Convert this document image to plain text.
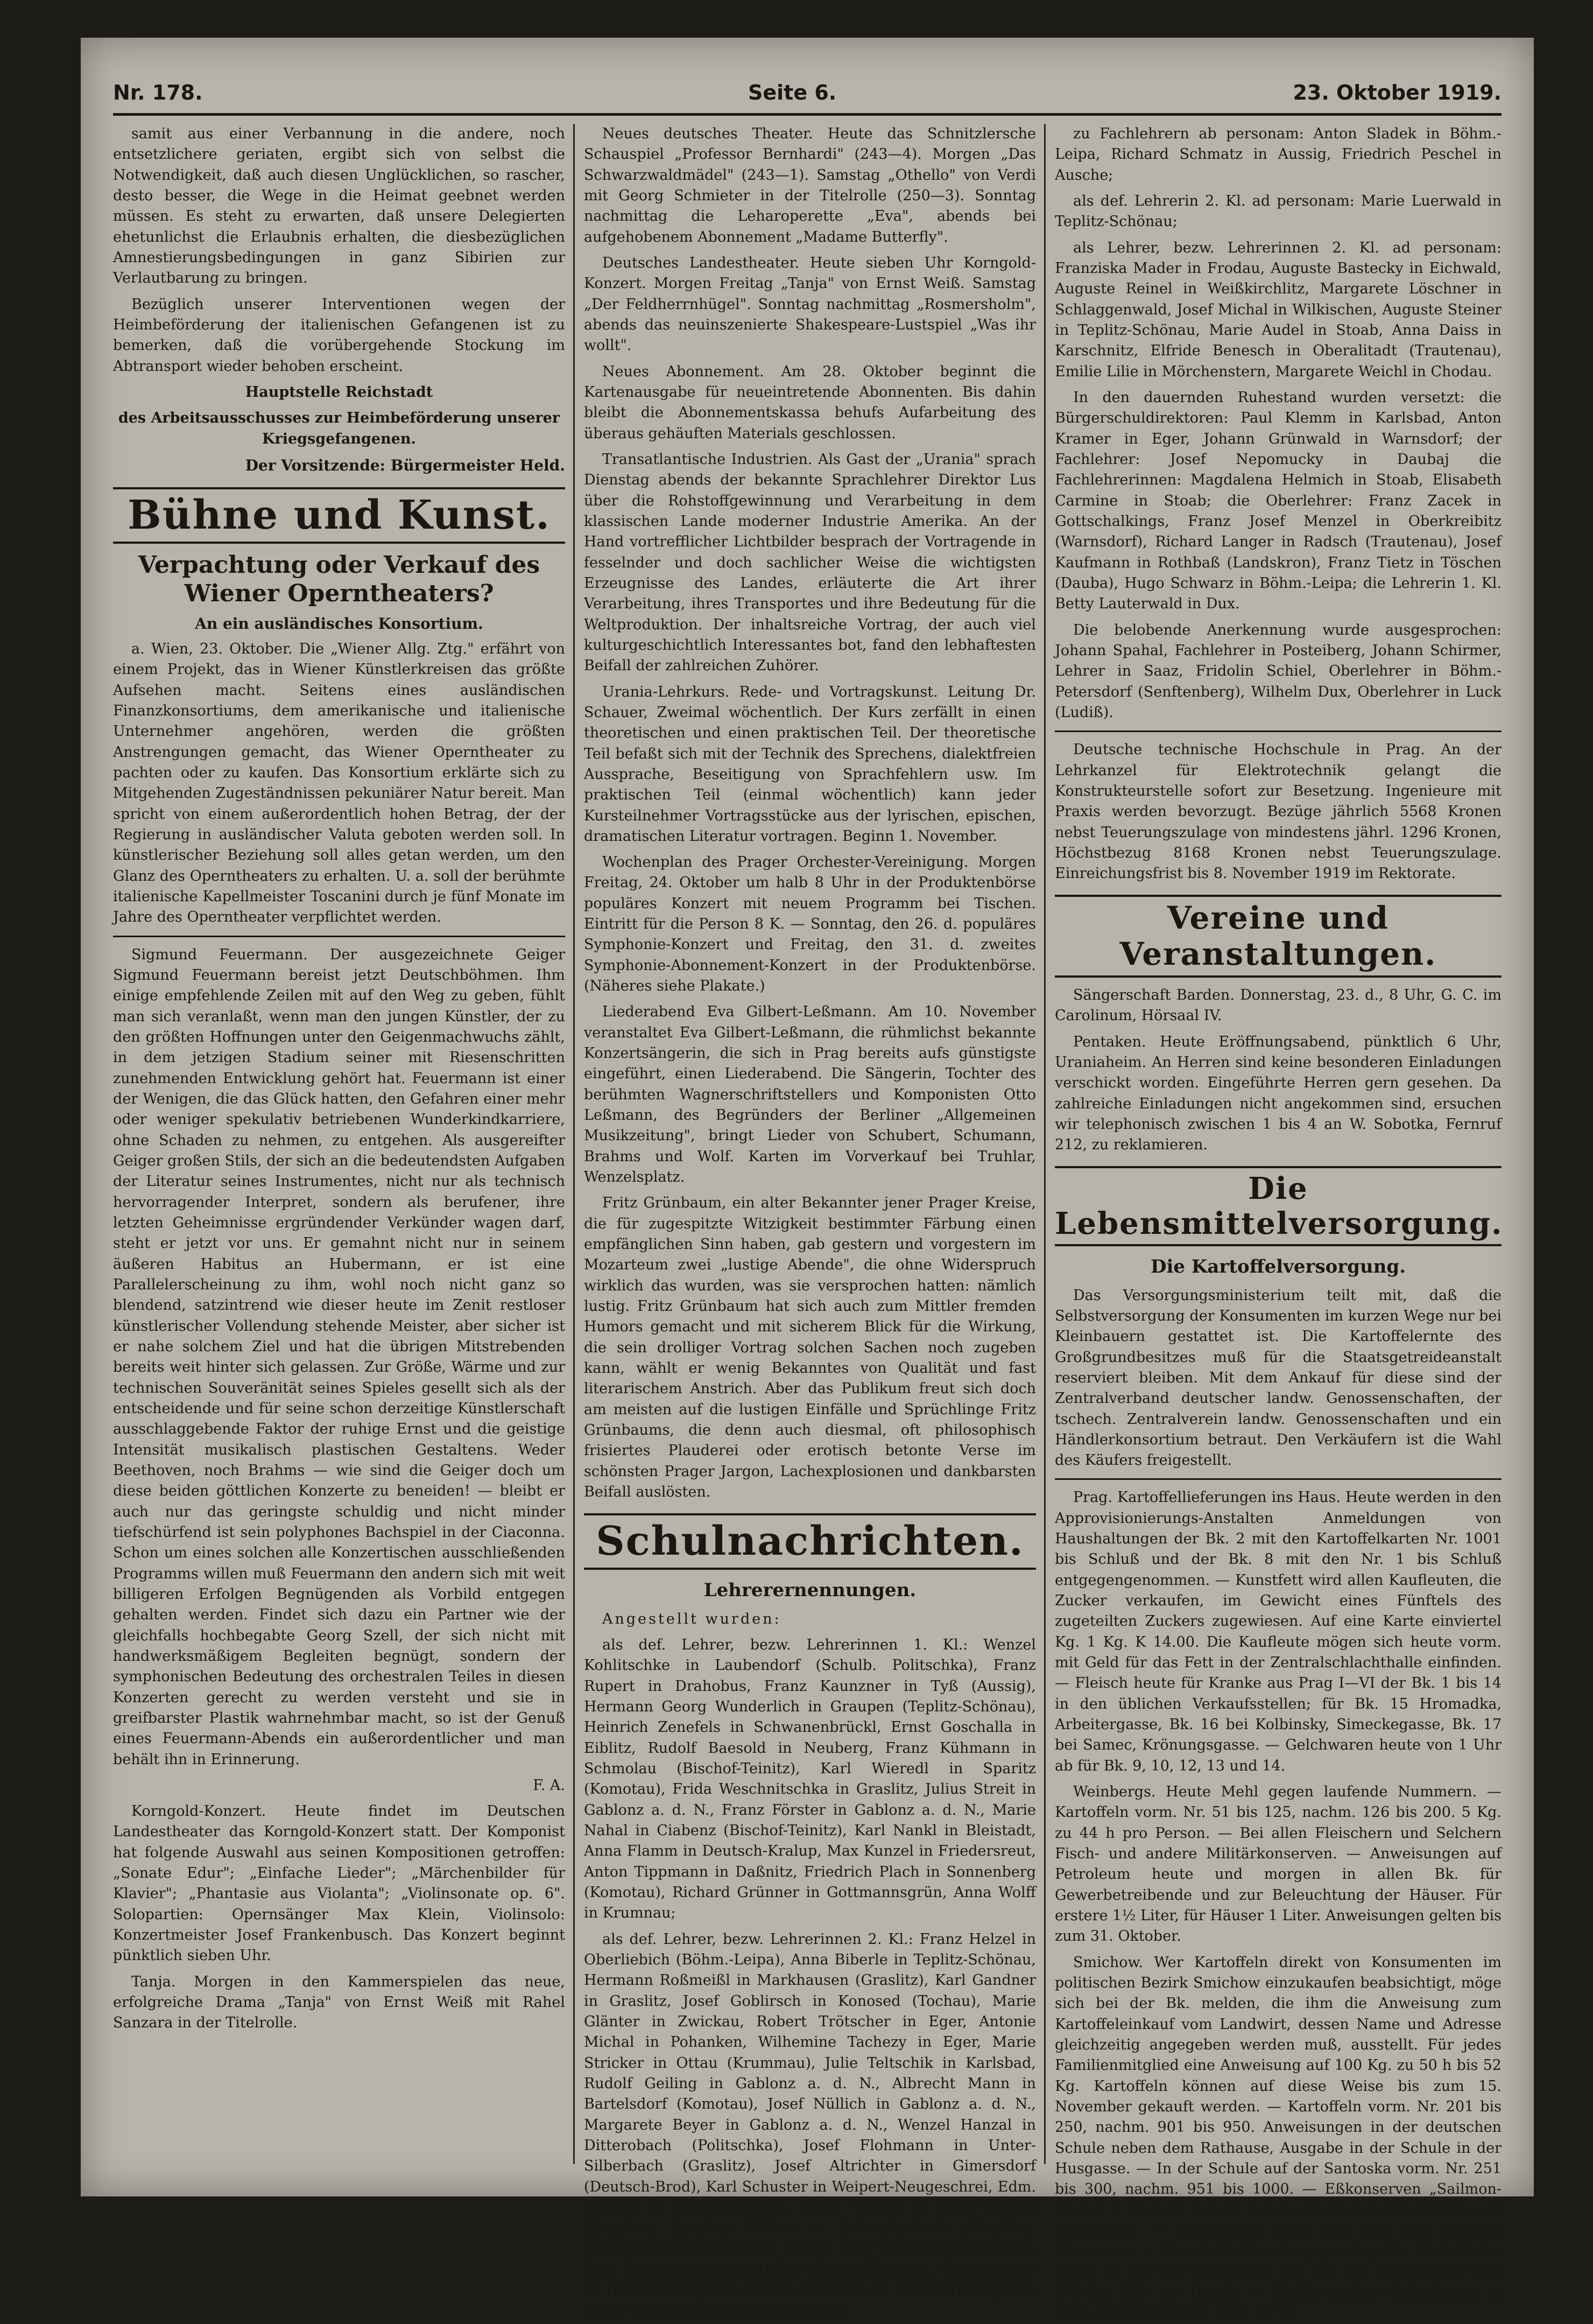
Nr. 178.	Seite 6.	23. Oktober 1919.

samit aus einer Verbannung in die andere, noch entsetzlichere geriaten, ergibt sich von selbst die Notwendigkeit, daß auch diesen Unglücklichen, so rascher, desto besser, die Wege in die Heimat geebnet werden müssen. Es steht zu erwarten, daß unsere Delegierten ehetunlichst die Erlaubnis erhalten, die diesbezüglichen Amnestierungsbedingungen in ganz Sibirien zur Verlautbarung zu bringen.

Bezüglich unserer Interventionen wegen der Heimbeförderung der italienischen Gefangenen ist zu bemerken, daß die vorübergehende Stockung im Abtransport wieder behoben erscheint.

Hauptstelle Reichstadt

des Arbeitsausschusses zur Heimbeförderung unserer Kriegsgefangenen.

Der Vorsitzende: Bürgermeister Held.

Bühne und Kunst.
Verpachtung oder Verkauf des Wiener Operntheaters?
An ein ausländisches Konsortium.

a. Wien, 23. Oktober. Die „Wiener Allg. Ztg." erfährt von einem Projekt, das in Wiener Künstlerkreisen das größte Aufsehen macht. Seitens eines ausländischen Finanzkonsortiums, dem amerikanische und italienische Unternehmer angehören, werden die größten Anstrengungen gemacht, das Wiener Operntheater zu pachten oder zu kaufen. Das Konsortium erklärte sich zu Mitgehenden Zugeständnissen pekuniärer Natur bereit. Man spricht von einem außerordentlich hohen Betrag, der der Regierung in ausländischer Valuta geboten werden soll. In künstlerischer Beziehung soll alles getan werden, um den Glanz des Operntheaters zu erhalten. U. a. soll der berühmte italienische Kapellmeister Toscanini durch je fünf Monate im Jahre des Operntheater verpflichtet werden.

Sigmund Feuermann. Der ausgezeichnete Geiger Sigmund Feuermann bereist jetzt Deutschböhmen. Ihm einige empfehlende Zeilen mit auf den Weg zu geben, fühlt man sich veranlaßt, wenn man den jungen Künstler, der zu den größten Hoffnungen unter den Geigenmachwuchs zählt, in dem jetzigen Stadium seiner mit Riesenschritten zunehmenden Entwicklung gehört hat. Feuermann ist einer der Wenigen, die das Glück hatten, den Gefahren einer mehr oder weniger spekulativ betriebenen Wunderkindkarriere, ohne Schaden zu nehmen, zu entgehen. Als ausgereifter Geiger großen Stils, der sich an die bedeutendsten Aufgaben der Literatur seines Instrumentes, nicht nur als technisch hervorragender Interpret, sondern als berufener, ihre letzten Geheimnisse ergründender Verkünder wagen darf, steht er jetzt vor uns. Er gemahnt nicht nur in seinem äußeren Habitus an Hubermann, er ist eine Parallelerscheinung zu ihm, wohl noch nicht ganz so blendend, satzintrend wie dieser heute im Zenit restloser künstlerischer Vollendung stehende Meister, aber sicher ist er nahe solchem Ziel und hat die übrigen Mitstrebenden bereits weit hinter sich gelassen. Zur Größe, Wärme und zur technischen Souveränität seines Spieles gesellt sich als der entscheidende und für seine schon derzeitige Künstlerschaft ausschlaggebende Faktor der ruhige Ernst und die geistige Intensität musikalisch plastischen Gestaltens. Weder Beethoven, noch Brahms — wie sind die Geiger doch um diese beiden göttlichen Konzerte zu beneiden! — bleibt er auch nur das geringste schuldig und nicht minder tiefschürfend ist sein polyphones Bachspiel in der Ciaconna. Schon um eines solchen alle Konzertischen ausschließenden Programms willen muß Feuermann den andern sich mit weit billigeren Erfolgen Begnügenden als Vorbild entgegen gehalten werden. Findet sich dazu ein Partner wie der gleichfalls hochbegabte Georg Szell, der sich nicht mit handwerksmäßigem Begleiten begnügt, sondern der symphonischen Bedeutung des orchestralen Teiles in diesen Konzerten gerecht zu werden versteht und sie in greifbarster Plastik wahrnehmbar macht, so ist der Genuß eines Feuermann-Abends ein außerordentlicher und man behält ihn in Erinnerung.

F. A.

Korngold-Konzert. Heute findet im Deutschen Landestheater das Korngold-Konzert statt. Der Komponist hat folgende Auswahl aus seinen Kompositionen getroffen: „Sonate Edur"; „Einfache Lieder"; „Märchenbilder für Klavier"; „Phantasie aus Violanta"; „Violinsonate op. 6". Solopartien: Opernsänger Max Klein, Violinsolo: Konzertmeister Josef Frankenbusch. Das Konzert beginnt pünktlich sieben Uhr.

Tanja. Morgen in den Kammerspielen das neue, erfolgreiche Drama „Tanja" von Ernst Weiß mit Rahel Sanzara in der Titelrolle.

Neues deutsches Theater. Heute das Schnitzlersche Schauspiel „Professor Bernhardi" (243—4). Morgen „Das Schwarzwaldmädel" (243—1). Samstag „Othello" von Verdi mit Georg Schmieter in der Titelrolle (250—3). Sonntag nachmittag die Leharoperette „Eva", abends bei aufgehobenem Abonnement „Madame Butterfly".

Deutsches Landestheater. Heute sieben Uhr Korngold-Konzert. Morgen Freitag „Tanja" von Ernst Weiß. Samstag „Der Feldherrnhügel". Sonntag nachmittag „Rosmersholm", abends das neuinszenierte Shakespeare-Lustspiel „Was ihr wollt".

Neues Abonnement. Am 28. Oktober beginnt die Kartenausgabe für neueintretende Abonnenten. Bis dahin bleibt die Abonnementskassa behufs Aufarbeitung des überaus gehäuften Materials geschlossen.

Transatlantische Industrien. Als Gast der „Urania" sprach Dienstag abends der bekannte Sprachlehrer Direktor Lus über die Rohstoffgewinnung und Verarbeitung in dem klassischen Lande moderner Industrie Amerika. An der Hand vortrefflicher Lichtbilder besprach der Vortragende in fesselnder und doch sachlicher Weise die wichtigsten Erzeugnisse des Landes, erläuterte die Art ihrer Verarbeitung, ihres Transportes und ihre Bedeutung für die Weltproduktion. Der inhaltsreiche Vortrag, der auch viel kulturgeschichtlich Interessantes bot, fand den lebhaftesten Beifall der zahlreichen Zuhörer.

Urania-Lehrkurs. Rede- und Vortragskunst. Leitung Dr. Schauer, Zweimal wöchentlich. Der Kurs zerfällt in einen theoretischen und einen praktischen Teil. Der theoretische Teil befaßt sich mit der Technik des Sprechens, dialektfreien Aussprache, Beseitigung von Sprachfehlern usw. Im praktischen Teil (einmal wöchentlich) kann jeder Kursteilnehmer Vortragsstücke aus der lyrischen, epischen, dramatischen Literatur vortragen. Beginn 1. November.

Wochenplan des Prager Orchester-Vereinigung. Morgen Freitag, 24. Oktober um halb 8 Uhr in der Produktenbörse populäres Konzert mit neuem Programm bei Tischen. Eintritt für die Person 8 K. — Sonntag, den 26. d. populäres Symphonie-Konzert und Freitag, den 31. d. zweites Symphonie-Abonnement-Konzert in der Produktenbörse. (Näheres siehe Plakate.)

Liederabend Eva Gilbert-Leßmann. Am 10. November veranstaltet Eva Gilbert-Leßmann, die rühmlichst bekannte Konzertsängerin, die sich in Prag bereits aufs günstigste eingeführt, einen Liederabend. Die Sängerin, Tochter des berühmten Wagnerschriftstellers und Komponisten Otto Leßmann, des Begründers der Berliner „Allgemeinen Musikzeitung", bringt Lieder von Schubert, Schumann, Brahms und Wolf. Karten im Vorverkauf bei Truhlar, Wenzelsplatz.

Fritz Grünbaum, ein alter Bekannter jener Prager Kreise, die für zugespitzte Witzigkeit bestimmter Färbung einen empfänglichen Sinn haben, gab gestern und vorgestern im Mozarteum zwei „lustige Abende", die ohne Widerspruch wirklich das wurden, was sie versprochen hatten: nämlich lustig. Fritz Grünbaum hat sich auch zum Mittler fremden Humors gemacht und mit sicherem Blick für die Wirkung, die sein drolliger Vortrag solchen Sachen noch zugeben kann, wählt er wenig Bekanntes von Qualität und fast literarischem Anstrich. Aber das Publikum freut sich doch am meisten auf die lustigen Einfälle und Sprüchlinge Fritz Grünbaums, die denn auch diesmal, oft philosophisch frisiertes Plauderei oder erotisch betonte Verse im schönsten Prager Jargon, Lachexplosionen und dankbarsten Beifall auslösten.

Schulnachrichten.
Lehrerernennungen.

Angestellt wurden:

als def. Lehrer, bezw. Lehrerinnen 1. Kl.: Wenzel Kohlitschke in Laubendorf (Schulb. Politschka), Franz Rupert in Drahobus, Franz Kaunzner in Tyß (Aussig), Hermann Georg Wunderlich in Graupen (Teplitz-Schönau), Heinrich Zenefels in Schwanenbrückl, Ernst Goschalla in Eiblitz, Rudolf Baesold in Neuberg, Franz Kühmann in Schmolau (Bischof-Teinitz), Karl Wieredl in Sparitz (Komotau), Frida Weschnitschka in Graslitz, Julius Streit in Gablonz a. d. N., Franz Förster in Gablonz a. d. N., Marie Nahal in Ciabenz (Bischof-Teinitz), Karl Nankl in Bleistadt, Anna Flamm in Deutsch-Kralup, Max Kunzel in Friedersreut, Anton Tippmann in Daßnitz, Friedrich Plach in Sonnenberg (Komotau), Richard Grünner in Gottmannsgrün, Anna Wolff in Krumnau;

als def. Lehrer, bezw. Lehrerinnen 2. Kl.: Franz Helzel in Oberliebich (Böhm.-Leipa), Anna Biberle in Teplitz-Schönau, Hermann Roßmeißl in Markhausen (Graslitz), Karl Gandner in Graslitz, Josef Goblirsch in Konosed (Tochau), Marie Glänter in Zwickau, Robert Trötscher in Eger, Antonie Michal in Pohanken, Wilhemine Tachezy in Eger, Marie Stricker in Ottau (Krummau), Julie Teltschik in Karlsbad, Rudolf Geiling in Gablonz a. d. N., Albrecht Mann in Bartelsdorf (Komotau), Josef Nüllich in Gablonz a. d. N., Margarete Beyer in Gablonz a. d. N., Wenzel Hanzal in Ditterobach (Politschka), Josef Flohmann in Unter-Silberbach (Graslitz), Josef Altrichter in Gimersdorf (Deutsch-Brod), Karl Schuster in Weipert-Neugeschrei, Edm. Klemm in Schmiedeberg, Adolf Greinl in Ober-Rothau (Graslitz), Josefine Fellner in Schwaderbach (Graslitz), Emma Dojmek in Krottau, Gustav Klier in Schönbach (Asch), Karl Rotmeyer in Unterhütte (Bischof-Teinitz), Karl Greiner in Hundorf (Teplitz), Ernst Enzmann in Voitsdorf (Teplitz), Franz Wanert in Zinnwald (Teplitz);

zu Fachlehrern ab personam: Anton Sladek in Böhm.-Leipa, Richard Schmatz in Aussig, Friedrich Peschel in Ausche;

als def. Lehrerin 2. Kl. ad personam: Marie Luerwald in Teplitz-Schönau;

als Lehrer, bezw. Lehrerinnen 2. Kl. ad personam: Franziska Mader in Frodau, Auguste Bastecky in Eichwald, Auguste Reinel in Weißkirchlitz, Margarete Löschner in Schlaggenwald, Josef Michal in Wilkischen, Auguste Steiner in Teplitz-Schönau, Marie Audel in Stoab, Anna Daiss in Karschnitz, Elfride Benesch in Oberalitadt (Trautenau), Emilie Lilie in Mörchenstern, Margarete Weichl in Chodau.

In den dauernden Ruhestand wurden versetzt: die Bürgerschuldirektoren: Paul Klemm in Karlsbad, Anton Kramer in Eger, Johann Grünwald in Warnsdorf; der Fachlehrer: Josef Nepomucky in Daubaj die Fachlehrerinnen: Magdalena Helmich in Stoab, Elisabeth Carmine in Stoab; die Oberlehrer: Franz Zacek in Gottschalkings, Franz Josef Menzel in Oberkreibitz (Warnsdorf), Richard Langer in Radsch (Trautenau), Josef Kaufmann in Rothbaß (Landskron), Franz Tietz in Töschen (Dauba), Hugo Schwarz in Böhm.-Leipa; die Lehrerin 1. Kl. Betty Lauterwald in Dux.

Die belobende Anerkennung wurde ausgesprochen: Johann Spahal, Fachlehrer in Posteiberg, Johann Schirmer, Lehrer in Saaz, Fridolin Schiel, Oberlehrer in Böhm.-Petersdorf (Senftenberg), Wilhelm Dux, Oberlehrer in Luck (Ludiß).

Deutsche technische Hochschule in Prag. An der Lehrkanzel für Elektrotechnik gelangt die Konstrukteurstelle sofort zur Besetzung. Ingenieure mit Praxis werden bevorzugt. Bezüge jährlich 5568 Kronen nebst Teuerungszulage von mindestens jährl. 1296 Kronen, Höchstbezug 8168 Kronen nebst Teuerungszulage. Einreichungsfrist bis 8. November 1919 im Rektorate.

Vereine und Veranstaltungen.

Sängerschaft Barden. Donnerstag, 23. d., 8 Uhr, G. C. im Carolinum, Hörsaal IV.

Pentaken. Heute Eröffnungsabend, pünktlich 6 Uhr, Uraniaheim. An Herren sind keine besonderen Einladungen verschickt worden. Eingeführte Herren gern gesehen. Da zahlreiche Einladungen nicht angekommen sind, ersuchen wir telephonisch zwischen 1 bis 4 an W. Sobotka, Fernruf 212, zu reklamieren.

Die Lebensmittelversorgung.
Die Kartoffelversorgung.

Das Versorgungsministerium teilt mit, daß die Selbstversorgung der Konsumenten im kurzen Wege nur bei Kleinbauern gestattet ist. Die Kartoffelernte des Großgrundbesitzes muß für die Staatsgetreideanstalt reserviert bleiben. Mit dem Ankauf für diese sind der Zentralverband deutscher landw. Genossenschaften, der tschech. Zentralverein landw. Genossenschaften und ein Händlerkonsortium betraut. Den Verkäufern ist die Wahl des Käufers freigestellt.

Prag. Kartoffellieferungen ins Haus. Heute werden in den Approvisionierungs-Anstalten Anmeldungen von Haushaltungen der Bk. 2 mit den Kartoffelkarten Nr. 1001 bis Schluß und der Bk. 8 mit den Nr. 1 bis Schluß entgegengenommen. — Kunstfett wird allen Kaufleuten, die Zucker verkaufen, im Gewicht eines Fünftels des zugeteilten Zuckers zugewiesen. Auf eine Karte einviertel Kg. 1 Kg. K 14.00. Die Kaufleute mögen sich heute vorm. mit Geld für das Fett in der Zentralschlachthalle einfinden. — Fleisch heute für Kranke aus Prag I—VI der Bk. 1 bis 14 in den üblichen Verkaufsstellen; für Bk. 15 Hromadka, Arbeitergasse, Bk. 16 bei Kolbinsky, Simeckegasse, Bk. 17 bei Samec, Krönungsgasse. — Gelchwaren heute von 1 Uhr ab für Bk. 9, 10, 12, 13 und 14.

Weinbergs. Heute Mehl gegen laufende Nummern. — Kartoffeln vorm. Nr. 51 bis 125, nachm. 126 bis 200. 5 Kg. zu 44 h pro Person. — Bei allen Fleischern und Selchern Fisch- und andere Militärkonserven. — Anweisungen auf Petroleum heute und morgen in allen Bk. für Gewerbetreibende und zur Beleuchtung der Häuser. Für erstere 1½ Liter, für Häuser 1 Liter. Anweisungen gelten bis zum 31. Oktober.

Smichow. Wer Kartoffeln direkt von Konsumenten im politischen Bezirk Smichow einzukaufen beabsichtigt, möge sich bei der Bk. melden, die ihm die Anweisung zum Kartoffeleinkauf vom Landwirt, dessen Name und Adresse gleichzeitig angegeben werden muß, ausstellt. Für jedes Familienmitglied eine Anweisung auf 100 Kg. zu 50 h bis 52 Kg. Kartoffeln können auf diese Weise bis zum 15. November gekauft werden. — Kartoffeln vorm. Nr. 201 bis 250, nachm. 901 bis 950. Anweisungen in der deutschen Schule neben dem Rathause, Ausgabe in der Schule in der Husgasse. — In der Schule auf der Santoska vorm. Nr. 251 bis 300, nachm. 951 bis 1000. — Eßkonserven „Sailmon-Lachs" 1 Dose zu K 6.50 von heute ab bei dem Smichower Kaufleuten. — Kindfleisch heute auf Leg. mit geraden Nummern. — Fleisch für Kranke gegen Leg. Nr. 1 bis 90 bei Kolik, 81 bis 170 bei Janouš, 171 bis 245 bei Sindelar und 246 bis 321 bei Horak. — Südslawisches Gelchfleisch in allen Verkaufsstellen 1 Kg. 27 K.
